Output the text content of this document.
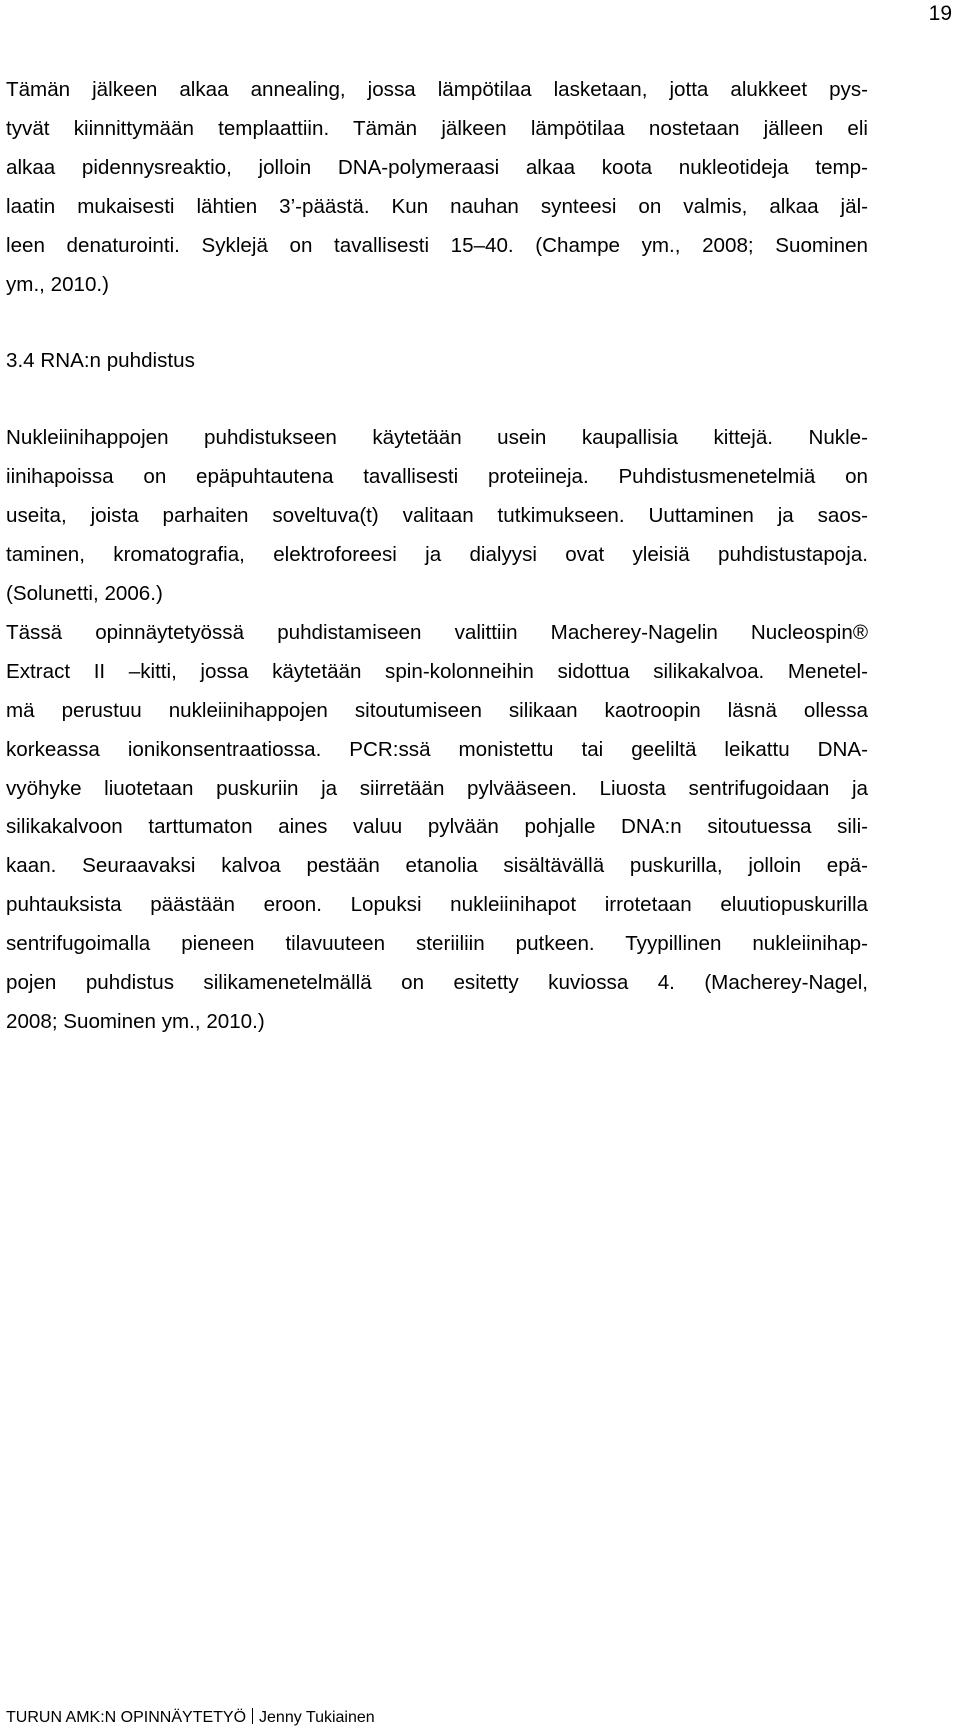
19

Tämän jälkeen alkaa annealing, jossa lämpötilaa lasketaan, jotta alukkeet pys-
tyvät kiinnittymään templaattiin. Tämän jälkeen lämpötilaa nostetaan jälleen eli
alkaa pidennysreaktio, jolloin DNA-polymeraasi alkaa koota nukleotideja temp-
laatin mukaisesti lähtien 3’-päästä. Kun nauhan synteesi on valmis, alkaa jäl-
leen denaturointi. Syklejä on tavallisesti 15–40. (Champe ym., 2008; Suominen
ym., 2010.)

3.4 RNA:n puhdistus

Nukleiinihappojen puhdistukseen käytetään usein kaupallisia kittejä. Nukle-
iinihapoissa on epäpuhtautena tavallisesti proteiineja. Puhdistusmenetelmiä on
useita, joista parhaiten soveltuva(t) valitaan tutkimukseen. Uuttaminen ja saos-
taminen, kromatografia, elektroforeesi ja dialyysi ovat yleisiä puhdistustapoja.
(Solunetti, 2006.)

Tässä opinnäytetyössä puhdistamiseen valittiin Macherey-Nagelin Nucleospin®
Extract II –kitti, jossa käytetään spin-kolonneihin sidottua silikakalvoa. Menetel-
mä perustuu nukleiinihappojen sitoutumiseen silikaan kaotroopin läsnä ollessa
korkeassa ionikonsentraatiossa. PCR:ssä monistettu tai geeliltä leikattu DNA-
vyöhyke liuotetaan puskuriin ja siirretään pylvääseen. Liuosta sentrifugoidaan ja
silikakalvoon tarttumaton aines valuu pylvään pohjalle DNA:n sitoutuessa sili-
kaan. Seuraavaksi kalvoa pestään etanolia sisältävällä puskurilla, jolloin epä-
puhtauksista päästään eroon. Lopuksi nukleiinihapot irrotetaan eluutiopuskurilla
sentrifugoimalla pieneen tilavuuteen steriiliin putkeen. Tyypillinen nukleiinihap-
pojen puhdistus silikamenetelmällä on esitetty kuviossa 4. (Macherey-Nagel,
2008; Suominen ym., 2010.)

TURUN AMK:N OPINNÄYTETYÖ Jenny Tukiainen
